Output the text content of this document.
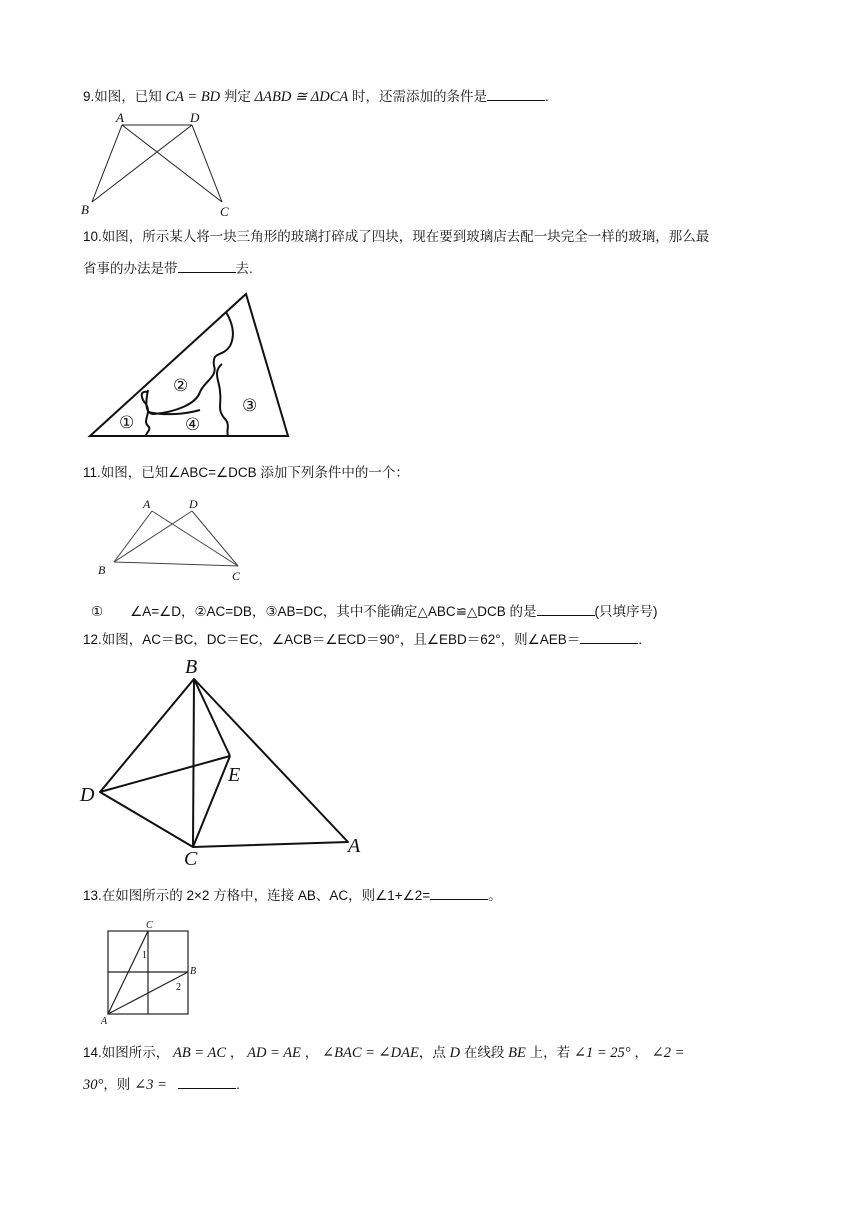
9.如图，已知 CA = BD 判定 ΔABD ≅ ΔDCA 时，还需添加的条件是	.
A	D
B	C
10.如图，所示某人将一块三角形的玻璃打碎成了四块，现在要到玻璃店去配一块完全一样的玻璃，那么最
省事的办法是带	去.
②
①	④
③
11.如图，已知∠ABC=∠DCB 添加下列条件中的一个：
A	D
B	C
①　　∠A=∠D，②AC=DB，③AB=DC，其中不能确定△ABC≌△DCB 的是	(只填序号)
12.如图，AC＝BC，DC＝EC，∠ACB＝∠ECD＝90°，且∠EBD＝62°，则∠AEB＝	.
B
D
E
C
A
13.在如图所示的 2×2 方格中，连接 AB、AC，则∠1+∠2=	。
C
B
A
1
2
14.如图所示， AB = AC ， AD = AE ， ∠BAC = ∠DAE，点 D 在线段 BE 上，若 ∠1 = 25° ， ∠2 =
30°，则 ∠3 =	.
